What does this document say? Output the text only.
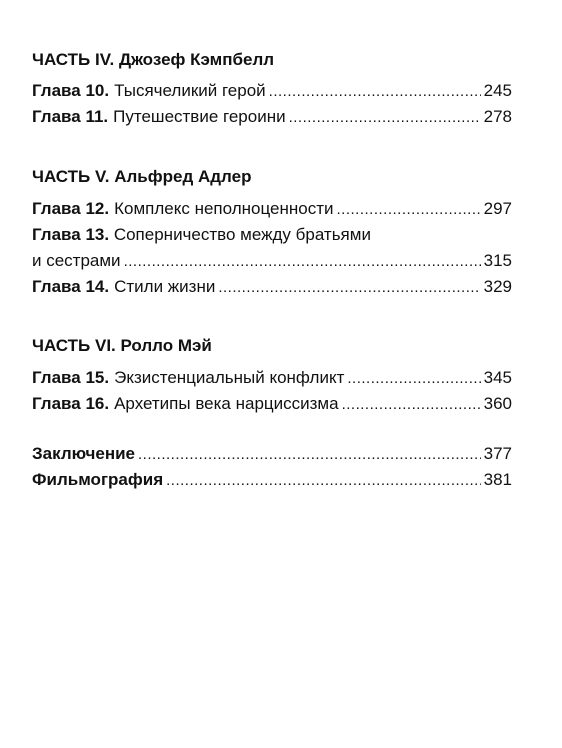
ЧАСТЬ IV. Джозеф Кэмпбелл
Глава 10. Тысячеликий герой .....	245
Глава 11. Путешествие героини .....	278
ЧАСТЬ V. Альфред Адлер
Глава 12. Комплекс неполноценности .....	297
Глава 13. Соперничество между братьями
и сестрами .....	315
Глава 14. Стили жизни .....	329
ЧАСТЬ VI. Ролло Мэй
Глава 15. Экзистенциальный конфликт .....	345
Глава 16. Архетипы века нарциссизма .....	360
Заключение .....	377
Фильмография .....	381
